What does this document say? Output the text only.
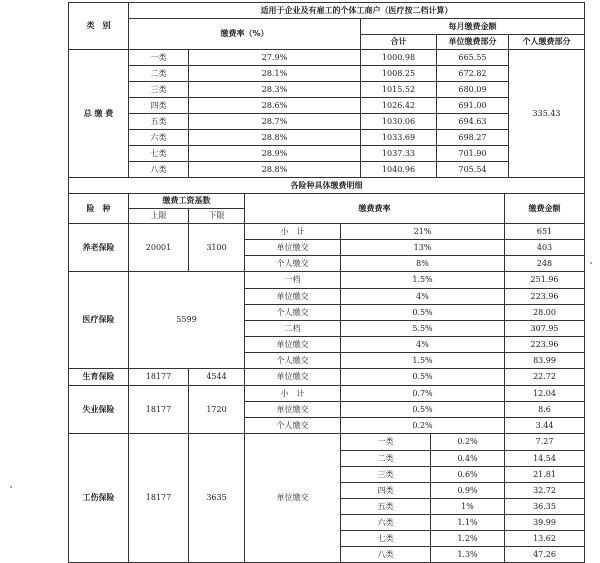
类　别	适用于企业及有雇工的个体工商户（医疗按二档计算）				
	缴费率（%）		每月缴费金额		
			合计	单位缴费部分	个人缴费部分
总 缴 费	一类	27.9%	1000.98	665.55	335.43
	二类	28.1%	1008.25	672.82	
	三类	28.3%	1015.52	680.09	
	四类	28.6%	1026.42	691.00	
	五类	28.7%	1030.06	694.63	
	六类	28.8%	1033.69	698.27	
	七类	28.9%	1037.33	701.90	
	八类	28.8%	1040.96	705.54	
各险种具体缴费明细						
险　种	缴费工资基数		缴费费率			缴费金额
	上限	下限				
养老保险	20001	3100	小　计	21%		651
			单位缴交	13%		403
			个人缴交	8%		248
医疗保险	5599		一档	1.5%		251.96
			单位缴交	4%		223.96
			个人缴交	0.5%		28.00
			二档	5.5%		307.95
			单位缴交	4%		223.96
			个人缴交	1.5%		83.99
生育保险	18177	4544	单位缴交	0.5%		22.72
失业保险	18177	1720	小　计	0.7%		12.04
			单位缴交	0.5%		8.6
			个人缴交	0.2%		3.44
工伤保险	18177	3635	单位缴交	一类	0.2%	7.27
				二类	0.4%	14.54
				三类	0.6%	21.81
				四类	0.9%	32.72
				五类	1%	36.35
				六类	1.1%	39.99
				七类	1.2%	13.62
				八类	1.3%	47.26
